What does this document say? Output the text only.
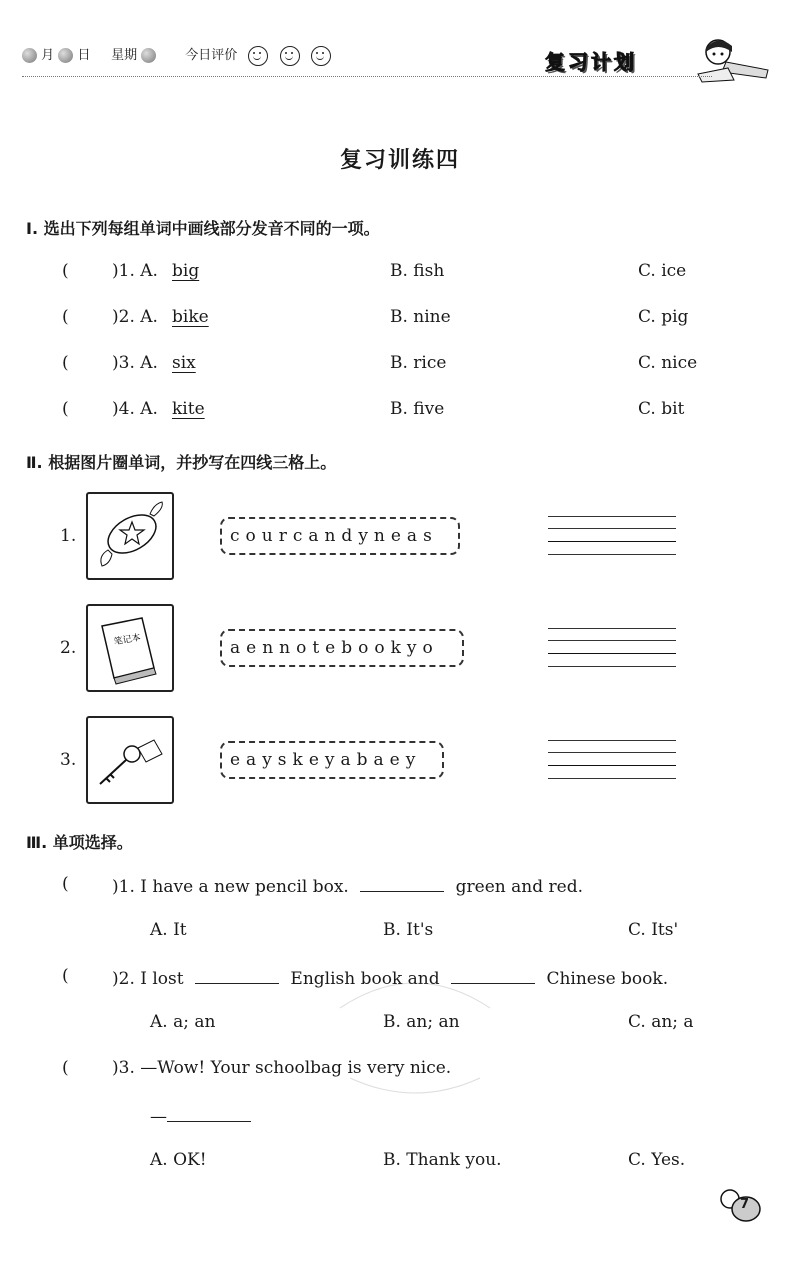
月 日 星期	今日评价	复习计划
复习训练四
Ⅰ. 选出下列每组单词中画线部分发音不同的一项。
(	)1. A. big	B. fish	C. ice
(	)2. A. bike	B. nine	C. pig
(	)3. A. six	B. rice	C. nice
(	)4. A. kite	B. five	C. bit
Ⅱ. 根据图片圈单词，并抄写在四线三格上。
1.	courcandyneas
2.	笔记本	aennotebookyo
3.	eayskeyabaey
Ⅲ. 单项选择。
(	)1. I have a new pencil box.	green and red.
A. It	B. It's	C. Its'
(	)2. I lost	English book and	Chinese book.
A. a; an	B. an; an	C. an; a
(	)3. —Wow! Your schoolbag is very nice.
—
A. OK!	B. Thank you.	C. Yes.
7
